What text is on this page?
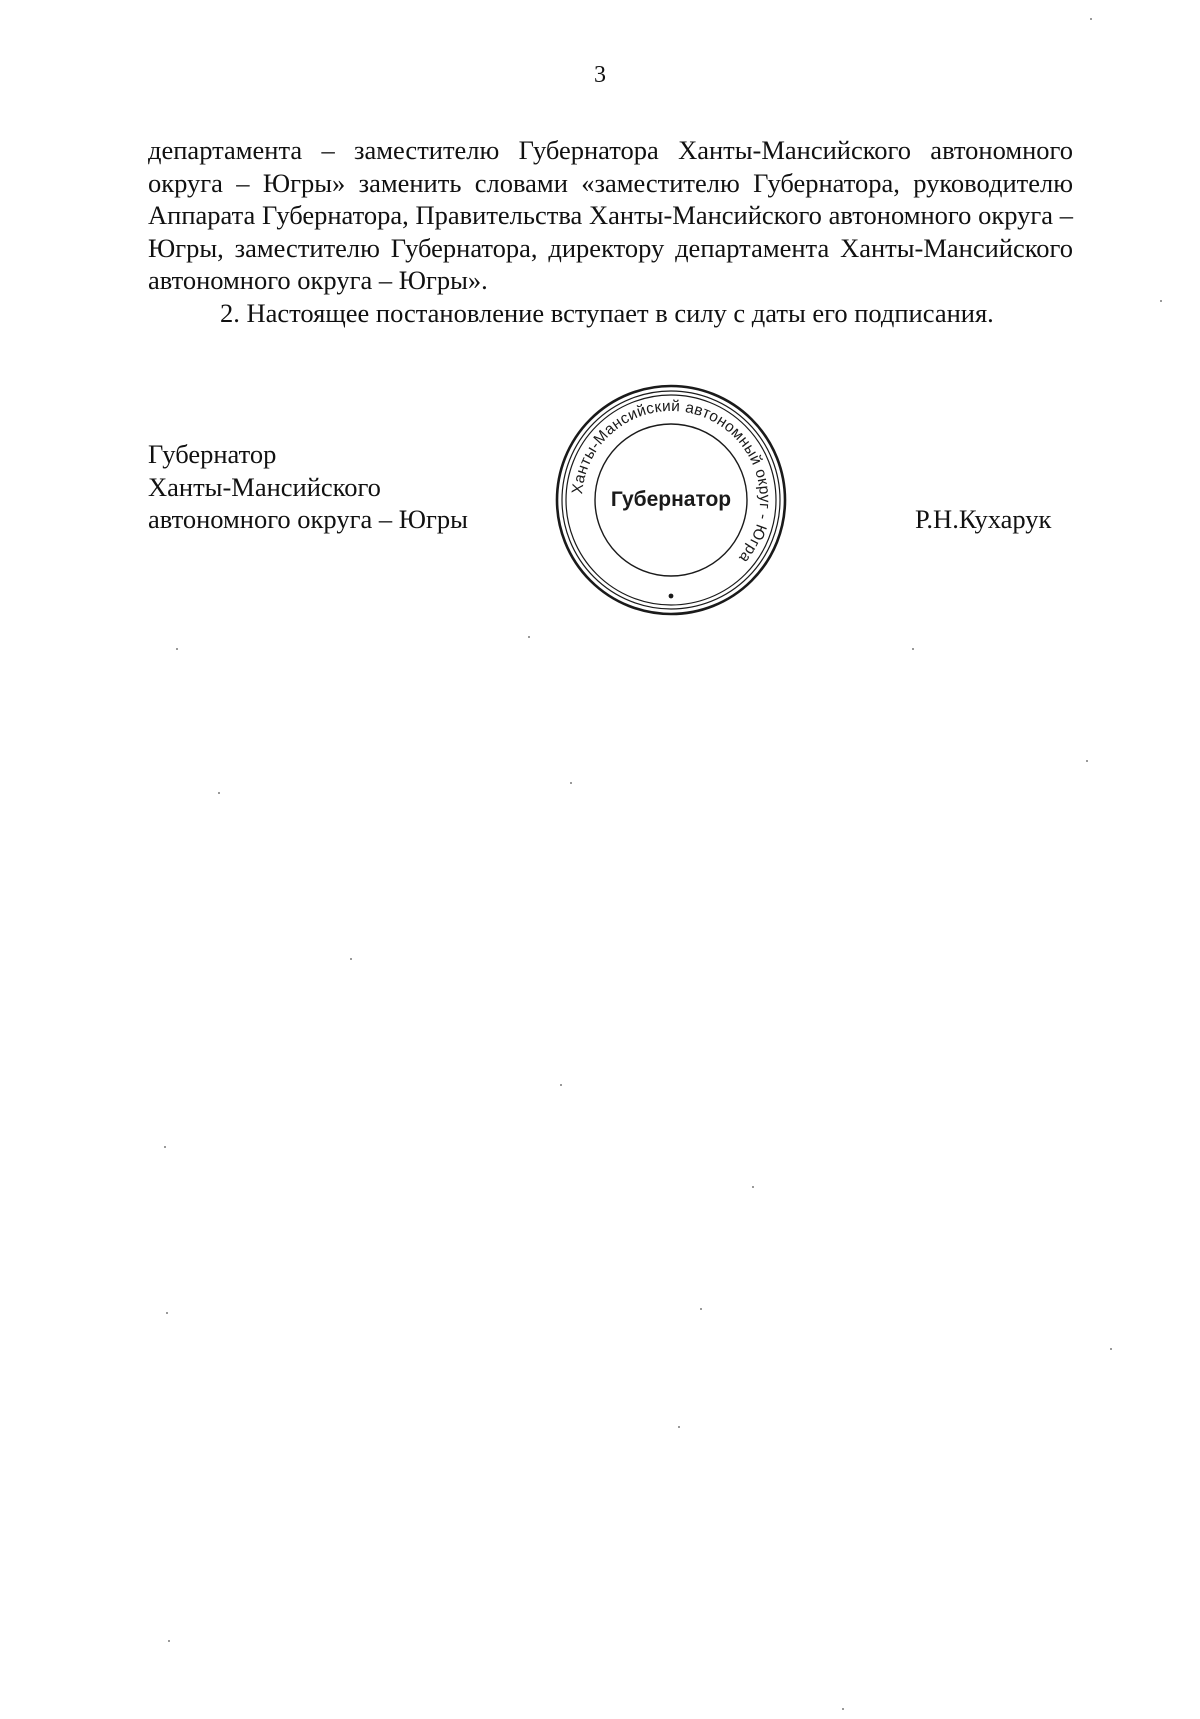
3

департамента – заместителю Губернатора Ханты-Мансийского автономного округа – Югры» заменить словами «заместителю Губернатора, руководителю Аппарата Губернатора, Правительства Ханты-Мансийского автономного округа – Югры, заместителю Губернатора, директору департамента Ханты-Мансийского автономного округа – Югры».

2. Настоящее постановление вступает в силу с даты его подписания.

Губернатор
Ханты-Мансийского
автономного округа – Югры	Р.Н.Кухарук
Ханты-Мансийский автономный округ - Югра
Губернатор
